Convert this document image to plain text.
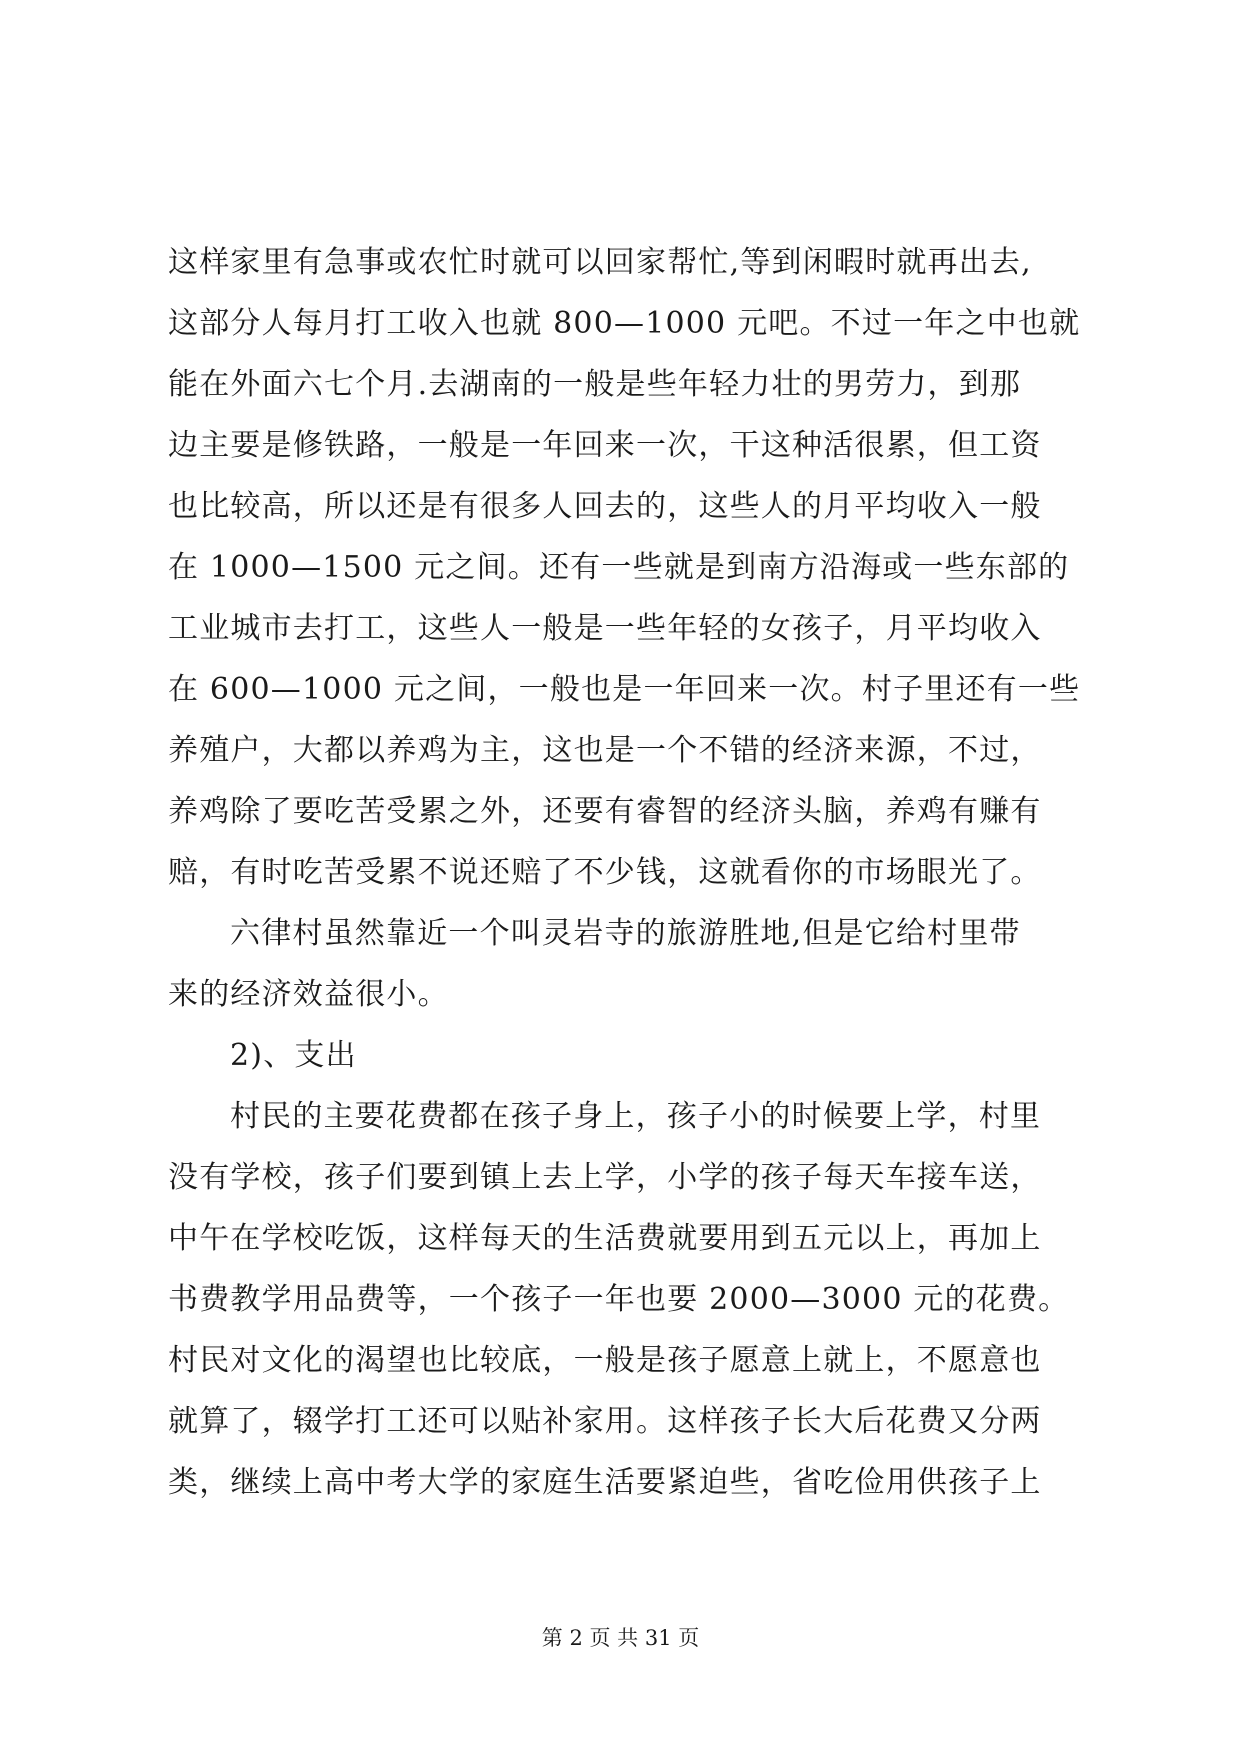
这样家里有急事或农忙时就可以回家帮忙,等到闲暇时就再出去,
这部分人每月打工收入也就 800—1000 元吧。不过一年之中也就
能在外面六七个月.去湖南的一般是些年轻力壮的男劳力，到那
边主要是修铁路，一般是一年回来一次，干这种活很累，但工资
也比较高，所以还是有很多人回去的，这些人的月平均收入一般
在 1000—1500 元之间。还有一些就是到南方沿海或一些东部的
工业城市去打工，这些人一般是一些年轻的女孩子，月平均收入
在 600—1000 元之间，一般也是一年回来一次。村子里还有一些
养殖户，大都以养鸡为主，这也是一个不错的经济来源，不过，
养鸡除了要吃苦受累之外，还要有睿智的经济头脑，养鸡有赚有
赔，有时吃苦受累不说还赔了不少钱，这就看你的市场眼光了。
六律村虽然靠近一个叫灵岩寺的旅游胜地,但是它给村里带
来的经济效益很小。
2)、支出
村民的主要花费都在孩子身上，孩子小的时候要上学，村里
没有学校，孩子们要到镇上去上学，小学的孩子每天车接车送，
中午在学校吃饭，这样每天的生活费就要用到五元以上，再加上
书费教学用品费等，一个孩子一年也要 2000—3000 元的花费。
村民对文化的渴望也比较底，一般是孩子愿意上就上，不愿意也
就算了，辍学打工还可以贴补家用。这样孩子长大后花费又分两
类，继续上高中考大学的家庭生活要紧迫些，省吃俭用供孩子上
第 2 页 共 31 页
